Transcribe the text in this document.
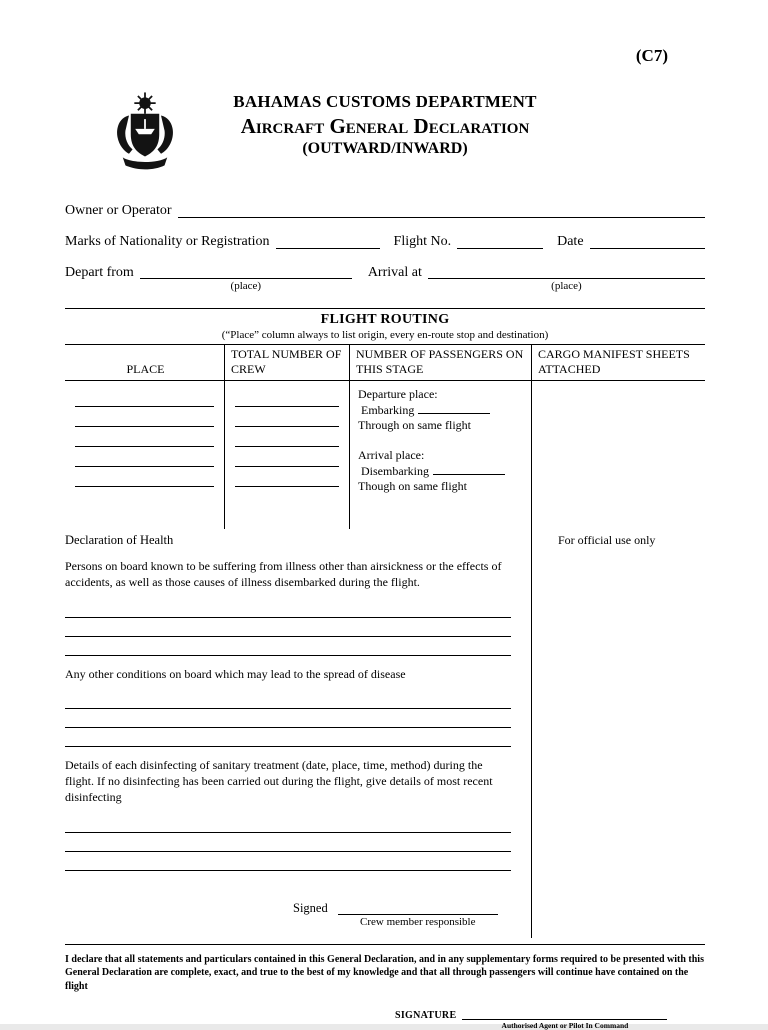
(C7)
BAHAMAS CUSTOMS DEPARTMENT
Aircraft General Declaration
(OUTWARD/INWARD)
Owner or Operator
Marks of Nationality or Registration	Flight No.	Date
Depart from
(place)
Arrival at
(place)
FLIGHT ROUTING
(“Place” column always to list origin, every en-route stop and destination)
PLACE
TOTAL NUMBER OF CREW
NUMBER OF PASSENGERS ON THIS STAGE
CARGO MANIFEST SHEETS ATTACHED
Departure place:
Embarking
Through on same flight
Arrival place:
Disembarking
Though on same flight
Declaration of Health
Persons on board known to be suffering from illness other than airsickness or the effects of accidents, as well as those causes of illness disembarked during the flight.
Any other conditions on board which may lead to the spread of disease
Details of each disinfecting of sanitary treatment (date, place, time, method) during the flight. If no disinfecting has been carried out during the flight, give details of most recent disinfecting
Signed
Crew member responsible
For official use only

I declare that all statements and particulars contained in this General Declaration, and in any supplementary forms required to be presented with this General Declaration are complete, exact, and true to the best of my knowledge and that all through passengers will continue have contained on the flight

SIGNATURE
Authorised Agent or Pilot In Command
